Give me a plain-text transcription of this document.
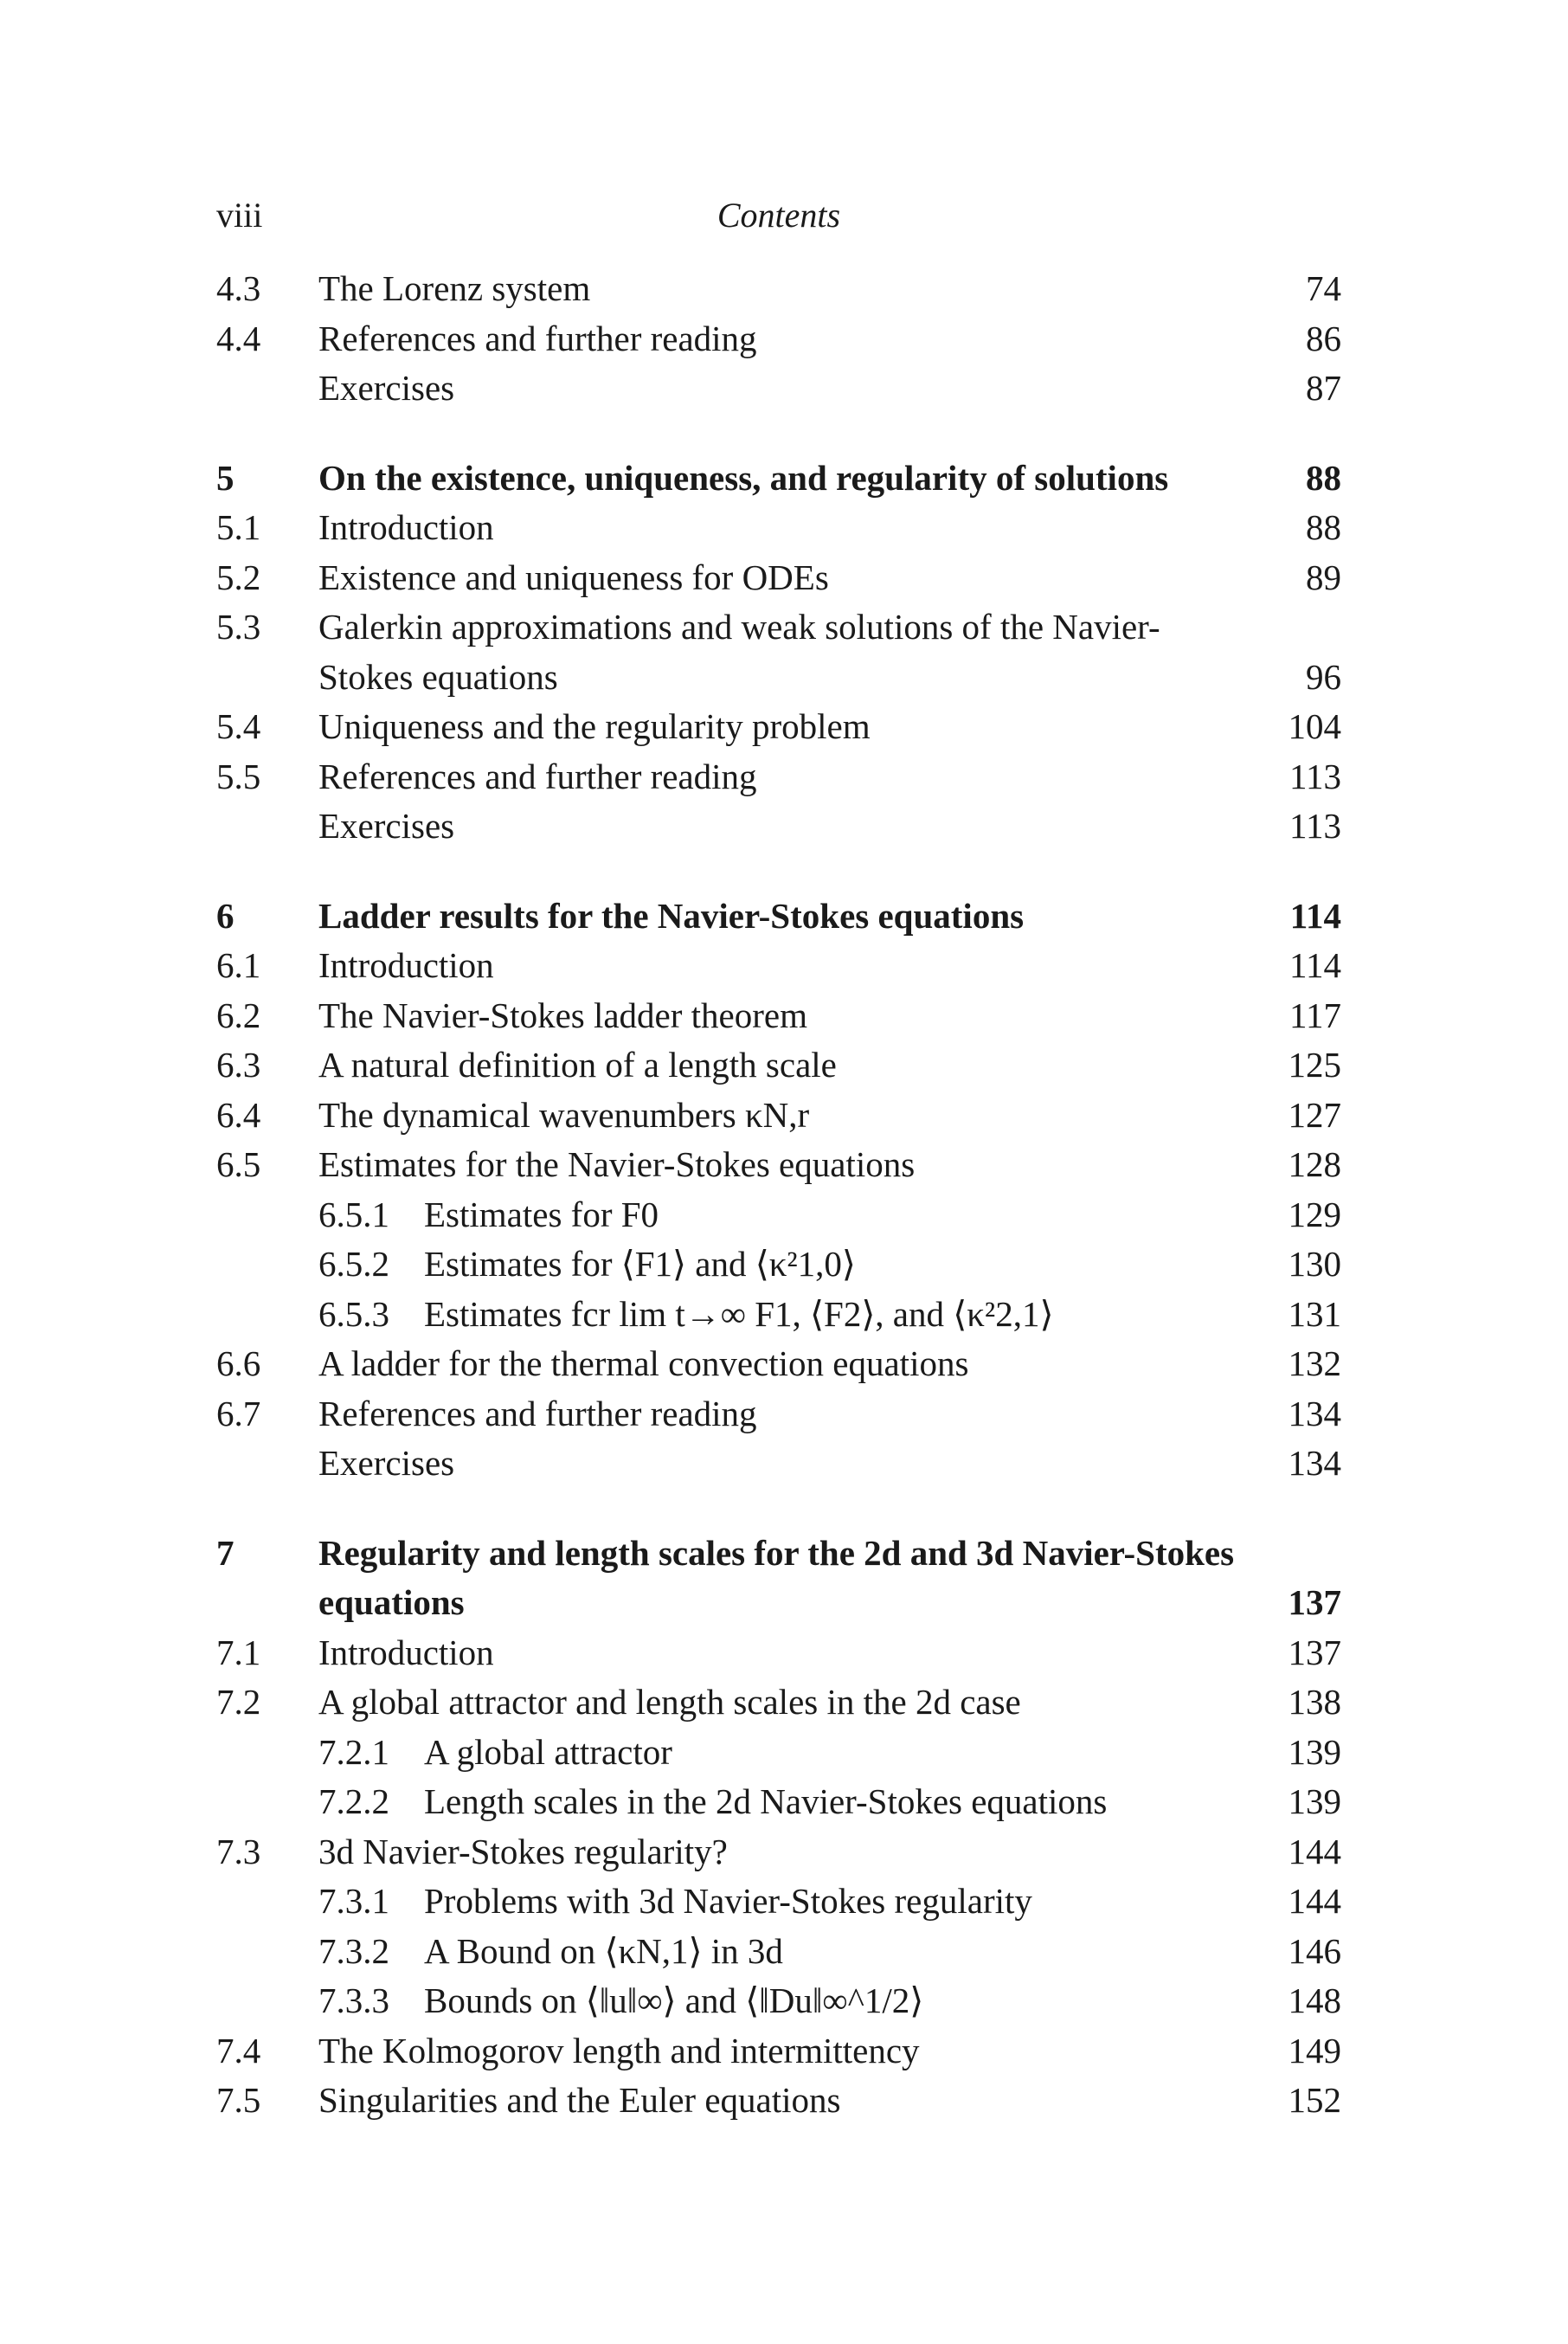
viii	Contents
4.3 The Lorenz system	74
4.4 References and further reading	86
Exercises	87
5 On the existence, uniqueness, and regularity of solutions	88
5.1 Introduction	88
5.2 Existence and uniqueness for ODEs	89
5.3 Galerkin approximations and weak solutions of the Navier-
Stokes equations	96
5.4 Uniqueness and the regularity problem	104
5.5 References and further reading	113
Exercises	113
6 Ladder results for the Navier-Stokes equations	114
6.1 Introduction	114
6.2 The Navier-Stokes ladder theorem	117
6.3 A natural definition of a length scale	125
6.4 The dynamical wavenumbers κN,r	127
6.5 Estimates for the Navier-Stokes equations	128
6.5.1 Estimates for F0	129
6.5.2 Estimates for ⟨F1⟩ and ⟨κ²1,0⟩	130
6.5.3 Estimates fcr lim t→∞ F1, ⟨F2⟩, and ⟨κ²2,1⟩	131
6.6 A ladder for the thermal convection equations	132
6.7 References and further reading	134
Exercises	134
7 Regularity and length scales for the 2d and 3d Navier-Stokes
equations	137
7.1 Introduction	137
7.2 A global attractor and length scales in the 2d case	138
7.2.1 A global attractor	139
7.2.2 Length scales in the 2d Navier-Stokes equations	139
7.3 3d Navier-Stokes regularity?	144
7.3.1 Problems with 3d Navier-Stokes regularity	144
7.3.2 A Bound on ⟨κN,1⟩ in 3d	146
7.3.3 Bounds on ⟨‖u‖∞⟩ and ⟨‖Du‖∞^1/2⟩	148
7.4 The Kolmogorov length and intermittency	149
7.5 Singularities and the Euler equations	152
